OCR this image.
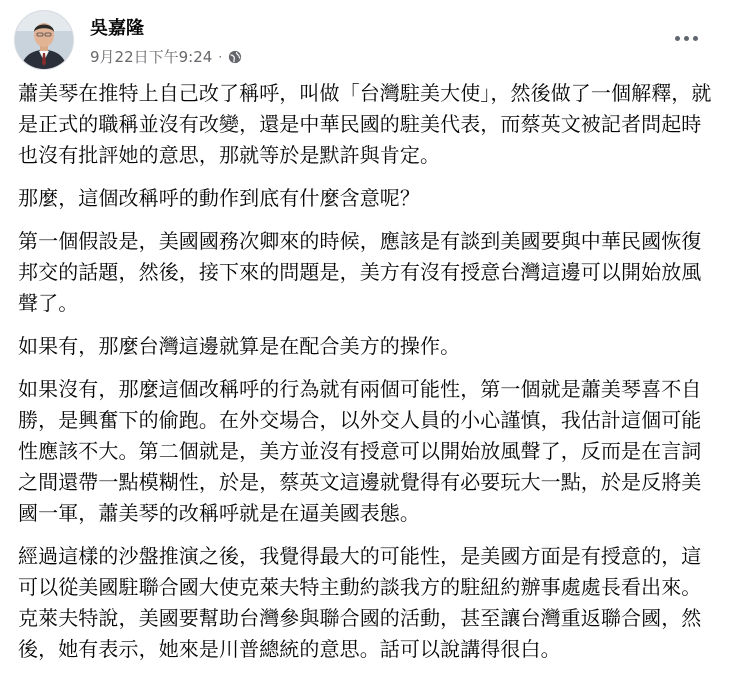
吳嘉隆
9月22日下午9:24 ·

蕭美琴在推特上自己改了稱呼，叫做「台灣駐美大使」，然後做了一個解釋，就是正式的職稱並沒有改變，還是中華民國的駐美代表，而蔡英文被記者問起時也沒有批評她的意思，那就等於是默許與肯定。

那麼，這個改稱呼的動作到底有什麼含意呢？

第一個假設是，美國國務次卿來的時候，應該是有談到美國要與中華民國恢復邦交的話題，然後，接下來的問題是，美方有沒有授意台灣這邊可以開始放風聲了。

如果有，那麼台灣這邊就算是在配合美方的操作。

如果沒有，那麼這個改稱呼的行為就有兩個可能性，第一個就是蕭美琴喜不自勝，是興奮下的偷跑。在外交場合，以外交人員的小心謹慎，我估計這個可能性應該不大。第二個就是，美方並沒有授意可以開始放風聲了，反而是在言詞之間還帶一點模糊性，於是，蔡英文這邊就覺得有必要玩大一點，於是反將美國一軍，蕭美琴的改稱呼就是在逼美國表態。

經過這樣的沙盤推演之後，我覺得最大的可能性，是美國方面是有授意的，這可以從美國駐聯合國大使克萊夫特主動約談我方的駐紐約辦事處處長看出來。克萊夫特說，美國要幫助台灣參與聯合國的活動，甚至讓台灣重返聯合國，然後，她有表示，她來是川普總統的意思。話可以說講得很白。
